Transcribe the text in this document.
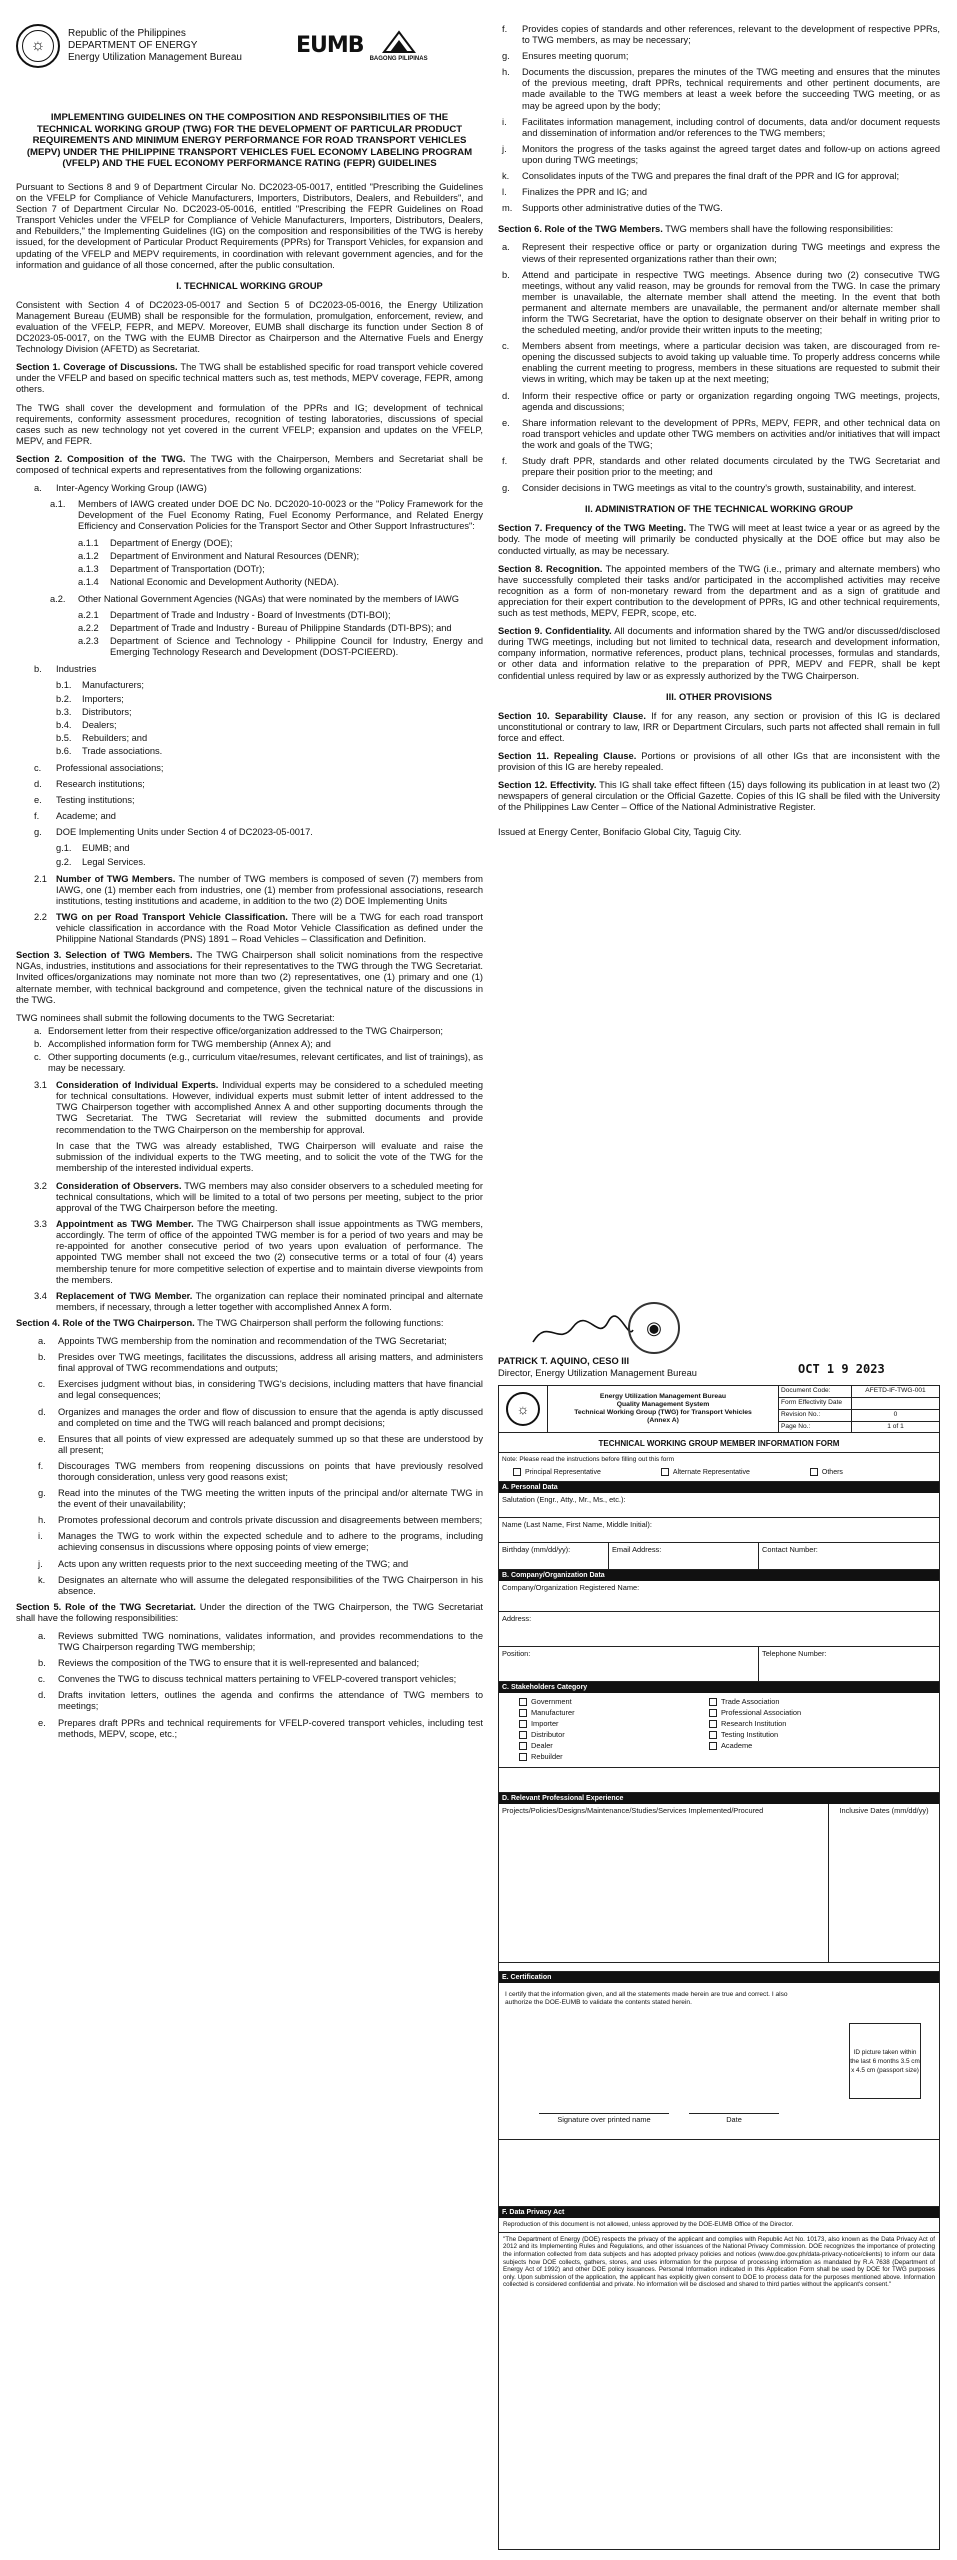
☼
Republic of the Philippines
DEPARTMENT OF ENERGY
Energy Utilization Management Bureau EUMB
BAGONG PILIPINAS
IMPLEMENTING GUIDELINES ON THE COMPOSITION AND RESPONSIBILITIES OF THE TECHNICAL WORKING GROUP (TWG) FOR THE DEVELOPMENT OF PARTICULAR PRODUCT REQUIREMENTS AND MINIMUM ENERGY PERFORMANCE FOR ROAD TRANSPORT VEHICLES (MEPV) UNDER THE PHILIPPINE TRANSPORT VEHICLES FUEL ECONOMY LABELING PROGRAM (VFELP) AND THE FUEL ECONOMY PERFORMANCE RATING (FEPR) GUIDELINES

Pursuant to Sections 8 and 9 of Department Circular No. DC2023-05-0017, entitled "Prescribing the Guidelines on the VFELP for Compliance of Vehicle Manufacturers, Importers, Distributors, Dealers, and Rebuilders", and Section 7 of Department Circular No. DC2023-05-0016, entitled "Prescribing the FEPR Guidelines on Road Transport Vehicles under the VFELP for Compliance of Vehicle Manufacturers, Importers, Distributors, Dealers, and Rebuilders," the Implementing Guidelines (IG) on the composition and responsibilities of the TWG is hereby issued, for the development of Particular Product Requirements (PPRs) for Transport Vehicles, for expansion and updating of the VFELP and MEPV requirements, in coordination with relevant government agencies, and for the information and guidance of all those concerned, after the public consultation.

I. TECHNICAL WORKING GROUP

Consistent with Section 4 of DC2023-05-0017 and Section 5 of DC2023-05-0016, the Energy Utilization Management Bureau (EUMB) shall be responsible for the formulation, promulgation, enforcement, review, and evaluation of the VFELP, FEPR, and MEPV. Moreover, EUMB shall discharge its function under Section 8 of DC2023-05-0017, on the TWG with the EUMB Director as Chairperson and the Alternative Fuels and Energy Technology Division (AFETD) as Secretariat.

Section 1. Coverage of Discussions. The TWG shall be established specific for road transport vehicle covered under the VFELP and based on specific technical matters such as, test methods, MEPV coverage, FEPR, among others.

The TWG shall cover the development and formulation of the PPRs and IG; development of technical requirements, conformity assessment procedures, recognition of testing laboratories, discussions of special cases such as new technology not yet covered in the current VFELP; expansion and updates on the VFELP, MEPV, and FEPR.

Section 2. Composition of the TWG. The TWG with the Chairperson, Members and Secretariat shall be composed of technical experts and representatives from the following organizations:

a.	Inter-Agency Working Group (IAWG)
a.1.	Members of IAWG created under DOE DC No. DC2020-10-0023 or the "Policy Framework for the Development of the Fuel Economy Rating, Fuel Economy Performance, and Related Energy Efficiency and Conservation Policies for the Transport Sector and Other Support Infrastructures":
a.1.1	Department of Energy (DOE);
a.1.2	Department of Environment and Natural Resources (DENR);
a.1.3	Department of Transportation (DOTr);
a.1.4	National Economic and Development Authority (NEDA).
a.2.	Other National Government Agencies (NGAs) that were nominated by the members of IAWG
a.2.1	Department of Trade and Industry - Board of Investments (DTI-BOI);
a.2.2	Department of Trade and Industry - Bureau of Philippine Standards (DTI-BPS); and
a.2.3	Department of Science and Technology - Philippine Council for Industry, Energy and Emerging Technology Research and Development (DOST-PCIEERD).
b.	Industries
b.1.	Manufacturers;
b.2.	Importers;
b.3.	Distributors;
b.4.	Dealers;
b.5.	Rebuilders; and
b.6.	Trade associations.
c.	Professional associations;
d.	Research institutions;
e.	Testing institutions;
f.	Academe; and
g.	DOE Implementing Units under Section 4 of DC2023-05-0017.
g.1.	EUMB; and
g.2.	Legal Services.
2.1 Number of TWG Members. The number of TWG members is composed of seven (7) members from IAWG, one (1) member each from industries, one (1) member from professional associations, research institutions, testing institutions and academe, in addition to the two (2) DOE Implementing Units
2.2 TWG on per Road Transport Vehicle Classification. There will be a TWG for each road transport vehicle classification in accordance with the Road Motor Vehicle Classification as defined under the Philippine National Standards (PNS) 1891 – Road Vehicles – Classification and Definition.

Section 3. Selection of TWG Members. The TWG Chairperson shall solicit nominations from the respective NGAs, industries, institutions and associations for their representatives to the TWG through the TWG Secretariat. Invited offices/organizations may nominate not more than two (2) representatives, one (1) primary and one (1) alternate member, with technical background and competence, given the technical nature of the discussions in the TWG.

TWG nominees shall submit the following documents to the TWG Secretariat:

a. Endorsement letter from their respective office/organization addressed to the TWG Chairperson;
b. Accomplished information form for TWG membership (Annex A); and
c. Other supporting documents (e.g., curriculum vitae/resumes, relevant certificates, and list of trainings), as may be necessary.
3.1 Consideration of Individual Experts. Individual experts may be considered to a scheduled meeting for technical consultations. However, individual experts must submit letter of intent addressed to the TWG Chairperson together with accomplished Annex A and other supporting documents through the TWG Secretariat. The TWG Secretariat will review the submitted documents and provide recommendation to the TWG Chairperson on the membership for approval.

In case that the TWG was already established, TWG Chairperson will evaluate and raise the submission of the individual experts to the TWG meeting, and to solicit the vote of the TWG for the membership of the interested individual experts.

3.2 Consideration of Observers. TWG members may also consider observers to a scheduled meeting for technical consultations, which will be limited to a total of two persons per meeting, subject to the prior approval of the TWG Chairperson before the meeting.
3.3 Appointment as TWG Member. The TWG Chairperson shall issue appointments as TWG members, accordingly. The term of office of the appointed TWG member is for a period of two years and may be re-appointed for another consecutive period of two years upon evaluation of performance. The appointed TWG member shall not exceed the two (2) consecutive terms or a total of four (4) years membership tenure for more competitive selection of expertise and to maintain diverse viewpoints from the members.
3.4 Replacement of TWG Member. The organization can replace their nominated principal and alternate members, if necessary, through a letter together with accomplished Annex A form.

Section 4. Role of the TWG Chairperson. The TWG Chairperson shall perform the following functions:

a.	Appoints TWG membership from the nomination and recommendation of the TWG Secretariat;
b.	Presides over TWG meetings, facilitates the discussions, address all arising matters, and administers final approval of TWG recommendations and outputs;
c.	Exercises judgment without bias, in considering TWG's decisions, including matters that have financial and legal consequences;
d.	Organizes and manages the order and flow of discussion to ensure that the agenda is aptly discussed and completed on time and the TWG will reach balanced and prompt decisions;
e.	Ensures that all points of view expressed are adequately summed up so that these are understood by all present;
f.	Discourages TWG members from reopening discussions on points that have previously resolved thorough consideration, unless very good reasons exist;
g.	Read into the minutes of the TWG meeting the written inputs of the principal and/or alternate TWG in the event of their unavailability;
h.	Promotes professional decorum and controls private discussion and disagreements between members;
i.	Manages the TWG to work within the expected schedule and to adhere to the programs, including achieving consensus in discussions where opposing points of view emerge;
j.	Acts upon any written requests prior to the next succeeding meeting of the TWG; and
k.	Designates an alternate who will assume the delegated responsibilities of the TWG Chairperson in his absence.

Section 5. Role of the TWG Secretariat. Under the direction of the TWG Chairperson, the TWG Secretariat shall have the following responsibilities:

a.	Reviews submitted TWG nominations, validates information, and provides recommendations to the TWG Chairperson regarding TWG membership;
b.	Reviews the composition of the TWG to ensure that it is well-represented and balanced;
c.	Convenes the TWG to discuss technical matters pertaining to VFELP-covered transport vehicles;
d.	Drafts invitation letters, outlines the agenda and confirms the attendance of TWG members to meetings;
e.	Prepares draft PPRs and technical requirements for VFELP-covered transport vehicles, including test methods, MEPV, scope, etc.;
f.	Provides copies of standards and other references, relevant to the development of respective PPRs, to TWG members, as may be necessary;
g.	Ensures meeting quorum;
h.	Documents the discussion, prepares the minutes of the TWG meeting and ensures that the minutes of the previous meeting, draft PPRs, technical requirements and other pertinent documents, are made available to the TWG members at least a week before the succeeding TWG meeting, or as may be agreed upon by the body;
i.	Facilitates information management, including control of documents, data and/or document requests and dissemination of information and/or references to the TWG members;
j.	Monitors the progress of the tasks against the agreed target dates and follow-up on actions agreed upon during TWG meetings;
k.	Consolidates inputs of the TWG and prepares the final draft of the PPR and IG for approval;
l.	Finalizes the PPR and IG; and
m.	Supports other administrative duties of the TWG.

Section 6. Role of the TWG Members. TWG members shall have the following responsibilities:

a.	Represent their respective office or party or organization during TWG meetings and express the views of their represented organizations rather than their own;
b.	Attend and participate in respective TWG meetings. Absence during two (2) consecutive TWG meetings, without any valid reason, may be grounds for removal from the TWG. In case the primary member is unavailable, the alternate member shall attend the meeting. In the event that both permanent and alternate members are unavailable, the permanent and/or alternate member shall inform the TWG Secretariat, have the option to designate observer on their behalf in writing prior to the scheduled meeting, and/or provide their written inputs to the meeting;
c.	Members absent from meetings, where a particular decision was taken, are discouraged from re-opening the discussed subjects to avoid taking up valuable time. To properly address concerns while enabling the current meeting to progress, members in these situations are requested to submit their views in writing, which may be taken up at the next meeting;
d.	Inform their respective office or party or organization regarding ongoing TWG meetings, projects, agenda and discussions;
e.	Share information relevant to the development of PPRs, MEPV, FEPR, and other technical data on road transport vehicles and update other TWG members on activities and/or initiatives that will impact the work and goals of the TWG;
f.	Study draft PPR, standards and other related documents circulated by the TWG Secretariat and prepare their position prior to the meeting; and
g.	Consider decisions in TWG meetings as vital to the country's growth, sustainability, and interest.
II. ADMINISTRATION OF THE TECHNICAL WORKING GROUP

Section 7. Frequency of the TWG Meeting. The TWG will meet at least twice a year or as agreed by the body. The mode of meeting will primarily be conducted physically at the DOE office but may also be conducted virtually, as may be necessary.

Section 8. Recognition. The appointed members of the TWG (i.e., primary and alternate members) who have successfully completed their tasks and/or participated in the accomplished activities may receive recognition as a form of non-monetary reward from the department and as a sign of gratitude and appreciation for their expert contribution to the development of PPRs, IG and other technical requirements, such as test methods, MEPV, FEPR, scope, etc.

Section 9. Confidentiality. All documents and information shared by the TWG and/or discussed/disclosed during TWG meetings, including but not limited to technical data, research and development information, company information, normative references, product plans, technical processes, formulas and standards, or other data and information relative to the preparation of PPR, MEPV and FEPR, shall be kept confidential unless required by law or as expressly authorized by the TWG Chairperson.

III. OTHER PROVISIONS

Section 10. Separability Clause. If for any reason, any section or provision of this IG is declared unconstitutional or contrary to law, IRR or Department Circulars, such parts not affected shall remain in full force and effect.

Section 11. Repealing Clause. Portions or provisions of all other IGs that are inconsistent with the provision of this IG are hereby repealed.

Section 12. Effectivity. This IG shall take effect fifteen (15) days following its publication in at least two (2) newspapers of general circulation or the Official Gazette. Copies of this IG shall be filed with the University of the Philippines Law Center – Office of the National Administrative Register.

Issued at Energy Center, Bonifacio Global City, Taguig City.

◉
PATRICK T. AQUINO, CESO III
Director, Energy Utilization Management Bureau	OCT 1 9 2023
☼
Energy Utilization Management Bureau
Quality Management System
Technical Working Group (TWG) for Transport Vehicles
(Annex A)
Document Code:	AFETD-IF-TWG-001
Form Effectivity Date
Revision No.:	0
Page No.:	1 of 1
TECHNICAL WORKING GROUP MEMBER INFORMATION FORM
Note: Please read the instructions before filling out this form
Principal Representative	Alternate Representative	Others
A. Personal Data
Salutation (Engr., Atty., Mr., Ms., etc.):
Name (Last Name, First Name, Middle Initial):
Birthday (mm/dd/yy):	Email Address:	Contact Number:
B. Company/Organization Data
Company/Organization Registered Name:
Address:
Position:	Telephone Number:
C. Stakeholders Category
Government
Manufacturer
Importer
Distributor
Dealer
Rebuilder
Trade Association
Professional Association
Research Institution
Testing Institution
Academe
D. Relevant Professional Experience
Projects/Policies/Designs/Maintenance/Studies/Services Implemented/Procured	Inclusive Dates (mm/dd/yy)
E. Certification
I certify that the information given, and all the statements made herein are true and correct. I also authorize the DOE-EUMB to validate the contents stated herein.
ID picture taken within the last 6 months 3.5 cm x 4.5 cm (passport size)
Signature over printed name	Date
F. Data Privacy Act
Reproduction of this document is not allowed, unless approved by the DOE-EUMB Office of the Director.
"The Department of Energy (DOE) respects the privacy of the applicant and complies with Republic Act No. 10173, also known as the Data Privacy Act of 2012 and its Implementing Rules and Regulations, and other issuances of the National Privacy Commission. DOE recognizes the importance of protecting the information collected from data subjects and has adopted privacy policies and notices (www.doe.gov.ph/data-privacy-notice/clients) to inform our data subjects how DOE collects, gathers, stores, and uses information for the purpose of processing information as mandated by R.A 7638 (Department of Energy Act of 1992) and other DOE policy issuances. Personal Information indicated in this Application Form shall be used by DOE for TWG purposes only. Upon submission of the application, the applicant has explicitly given consent to DOE to process data for the purposes mentioned above. Information collected is considered confidential and private. No information will be disclosed and shared to third parties without the applicant's consent."
